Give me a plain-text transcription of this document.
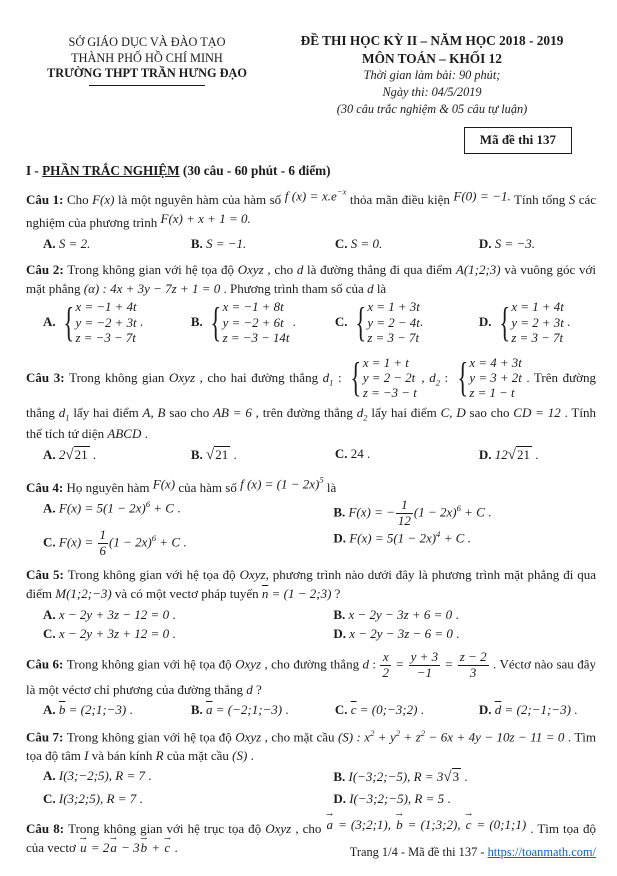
SỞ GIÁO DỤC VÀ ĐÀO TẠO
THÀNH PHỐ HỒ CHÍ MINH
TRƯỜNG THPT TRẦN HƯNG ĐẠO
ĐỀ THI HỌC KỲ II – NĂM HỌC 2018 - 2019
MÔN TOÁN – KHỐI 12
Thời gian làm bài: 90 phút;
Ngày thi: 04/5/2019
(30 câu trắc nghiệm & 05 câu tự luận)
Mã đề thi 137
I - PHẦN TRẮC NGHIỆM (30 câu - 60 phút - 6 điểm)
Câu 1: Cho F(x) là một nguyên hàm của hàm số f $(x) = x.e^{-x}$ thỏa mãn điều kiện F(0) = −1. Tính tổng S các nghiệm của phương trình F(x) + x + 1 = 0.
A. S = 2.	B. S = −1.	C. S = 0.	D. S = −3.
Câu 2: Trong không gian với hệ tọa độ Oxyz , cho d là đường thẳng đi qua điểm A(1;2;3) và vuông góc với mặt phẳng (α) : 4x + 3y − 7z + 1 = 0 . Phương trình tham số của d là
A. { x = −1 + 4t
y = −2 + 3t
z = −3 − 7t
.	B. { x = −1 + 8t
y = −2 + 6t
z = −3 − 14t
.	C. { x = 1 + 3t
y = 2 − 4t
z = 3 − 7t
.	D. { x = 1 + 4t
y = 2 + 3t
z = 3 − 7t
.
Câu 3: Trong không gian Oxyz , cho hai đường thẳng $d_1$ : { x = 1 + t
y = 2 − 2t
z = −3 − t
, $d_2$ : { x = 4 + 3t
y = 3 + 2t
z = 1 − t
. Trên đường thẳng $d_1$ lấy hai điểm A, B sao cho AB = 6 , trên đường thẳng $d_2$ lấy hai điểm C, D sao cho CD = 12 . Tính thể tích tứ diện ABCD .
A. 2√21 .	B. √21 .	C. 24 .	D. 12√21 .
Câu 4: Họ nguyên hàm F(x) của hàm số f $(x) = (1 - 2x)^5$ là
A. $F(x) = 5(1 - 2x)^6 + C$ .	B. F(x) = − $\frac{1}{12} (1 - 2x)^6 + C$ .
C. $F(x) = \frac{1}{6} (1 - 2x)^6 + C$ .	D. $F(x) = 5(1 - 2x)^4 + C$ .
Câu 5: Trong không gian với hệ tọa độ Oxyz, phương trình nào dưới đây là phương trình mặt phẳng đi qua điểm M(1;2;−3) và có một vectơ pháp tuyến $\overline{n} = (1$ − 2;3) ?
A. x − 2y + 3z − 12 = 0 .	B. x − 2y − 3z + 6 = 0 .
C. x − 2y + 3z + 12 = 0 .	D. x − 2y − 3z − 6 = 0 .
Câu 6: Trong không gian với hệ tọa độ Oxyz , cho đường thẳng d : $\frac{x}{2} = \frac{y + 3}{-1} = \frac{z - 2}{3}$ . Véctơ nào sau đây là một véctơ chỉ phương của đường thẳng d ?
A. $\overline{b}$ = (2;1;−3) .	B. $\overline{a}$ = (−2;1;−3) .	C. $\overline{c}$ = (0;−3;2) .	D. $\overline{d}$ = (2;−1;−3) .
Câu 7: Trong không gian với hệ tọa độ Oxyz , cho mặt cầu (S) : $x^2 + y^2 + z^2 - 6x + 4y - 10z - 11 = 0$ . Tìm tọa độ tâm I và bán kính R của mặt cầu (S) .
A. I(3;−2;5), R = 7 .	B. I(−3;2;−5), R = 3√3 .
C. I(3;2;5), R = 7 .	D. I(−3;2;−5), R = 5 .
Câu 8: Trong không gian với hệ trục tọa độ Oxyz , cho a → = (3;2;1), b → = (1;3;2), c → = (0;1;1) . Tìm tọa độ của vectơ u → = 2a → − 3b → + c → .	Trang 1/4 - Mã đề thi 137 - https://toanmath.com/
